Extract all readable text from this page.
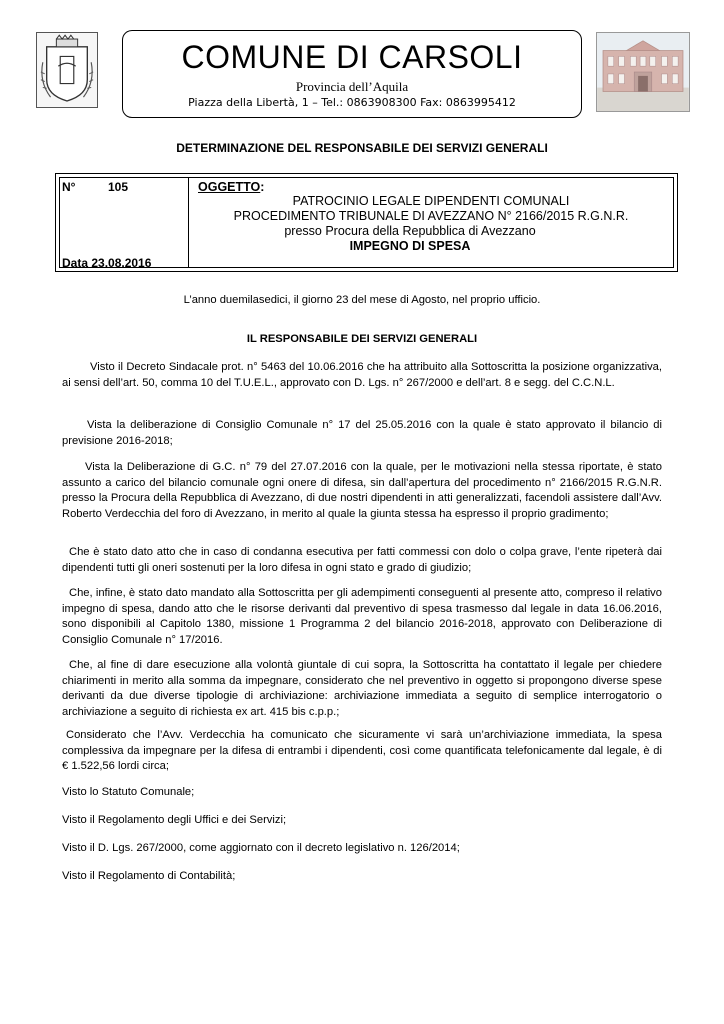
COMUNE DI CARSOLI
Provincia dell’Aquila
Piazza della Libertà, 1 – Tel.: 0863908300 Fax: 0863995412
DETERMINAZIONE DEL RESPONSABILE DEI SERVIZI GENERALI
N°	105
Data 23.08.2016
OGGETTO:
PATROCINIO LEGALE DIPENDENTI COMUNALI
PROCEDIMENTO TRIBUNALE DI AVEZZANO N° 2166/2015 R.G.N.R.
presso Procura della Repubblica di Avezzano
IMPEGNO DI SPESA
L’anno duemilasedici, il giorno 23 del mese di Agosto, nel proprio ufficio.
IL RESPONSABILE DEI SERVIZI GENERALI
Visto il Decreto Sindacale prot. n° 5463 del 10.06.2016 che ha attribuito alla Sottoscritta la posizione organizzativa, ai sensi dell’art. 50, comma 10 del T.U.E.L., approvato con D. Lgs. n° 267/2000 e dell’art. 8 e segg. del C.C.N.L.
Vista la deliberazione di Consiglio Comunale n° 17 del 25.05.2016 con la quale è stato approvato il bilancio di previsione 2016-2018;
Vista la Deliberazione di G.C. n° 79 del 27.07.2016 con la quale, per le motivazioni nella stessa riportate, è stato assunto a carico del bilancio comunale ogni onere di difesa, sin dall’apertura del procedimento n° 2166/2015 R.G.N.R. presso la Procura della Repubblica di Avezzano, di due nostri dipendenti in atti generalizzati, facendoli assistere dall’Avv. Roberto Verdecchia del foro di Avezzano, in merito al quale la giunta stessa ha espresso il proprio gradimento;
Che è stato dato atto che in caso di condanna esecutiva per fatti commessi con dolo o colpa grave, l’ente ripeterà dai dipendenti tutti gli oneri sostenuti per la loro difesa in ogni stato e grado di giudizio;
Che, infine, è stato dato mandato alla Sottoscritta per gli adempimenti conseguenti al presente atto, compreso il relativo impegno di spesa, dando atto che le risorse derivanti dal preventivo di spesa trasmesso dal legale in data 16.06.2016, sono disponibili al Capitolo 1380, missione 1 Programma 2 del bilancio 2016-2018, approvato con Deliberazione di Consiglio Comunale n° 17/2016.
Che, al fine di dare esecuzione alla volontà giuntale di cui sopra, la Sottoscritta ha contattato il legale per chiedere chiarimenti in merito alla somma da impegnare, considerato che nel preventivo in oggetto si propongono diverse spese derivanti da due diverse tipologie di archiviazione: archiviazione immediata a seguito di semplice interrogatorio o archiviazione a seguito di richiesta ex art. 415 bis c.p.p.;
Considerato che l’Avv. Verdecchia ha comunicato che sicuramente vi sarà un’archiviazione immediata, la spesa complessiva da impegnare per la difesa di entrambi i dipendenti, così come quantificata telefonicamente dal legale, è di € 1.522,56 lordi circa;
Visto lo Statuto Comunale;
Visto il Regolamento degli Uffici e dei Servizi;
Visto il D. Lgs. 267/2000, come aggiornato con il decreto legislativo n. 126/2014;
Visto il Regolamento di Contabilità;
